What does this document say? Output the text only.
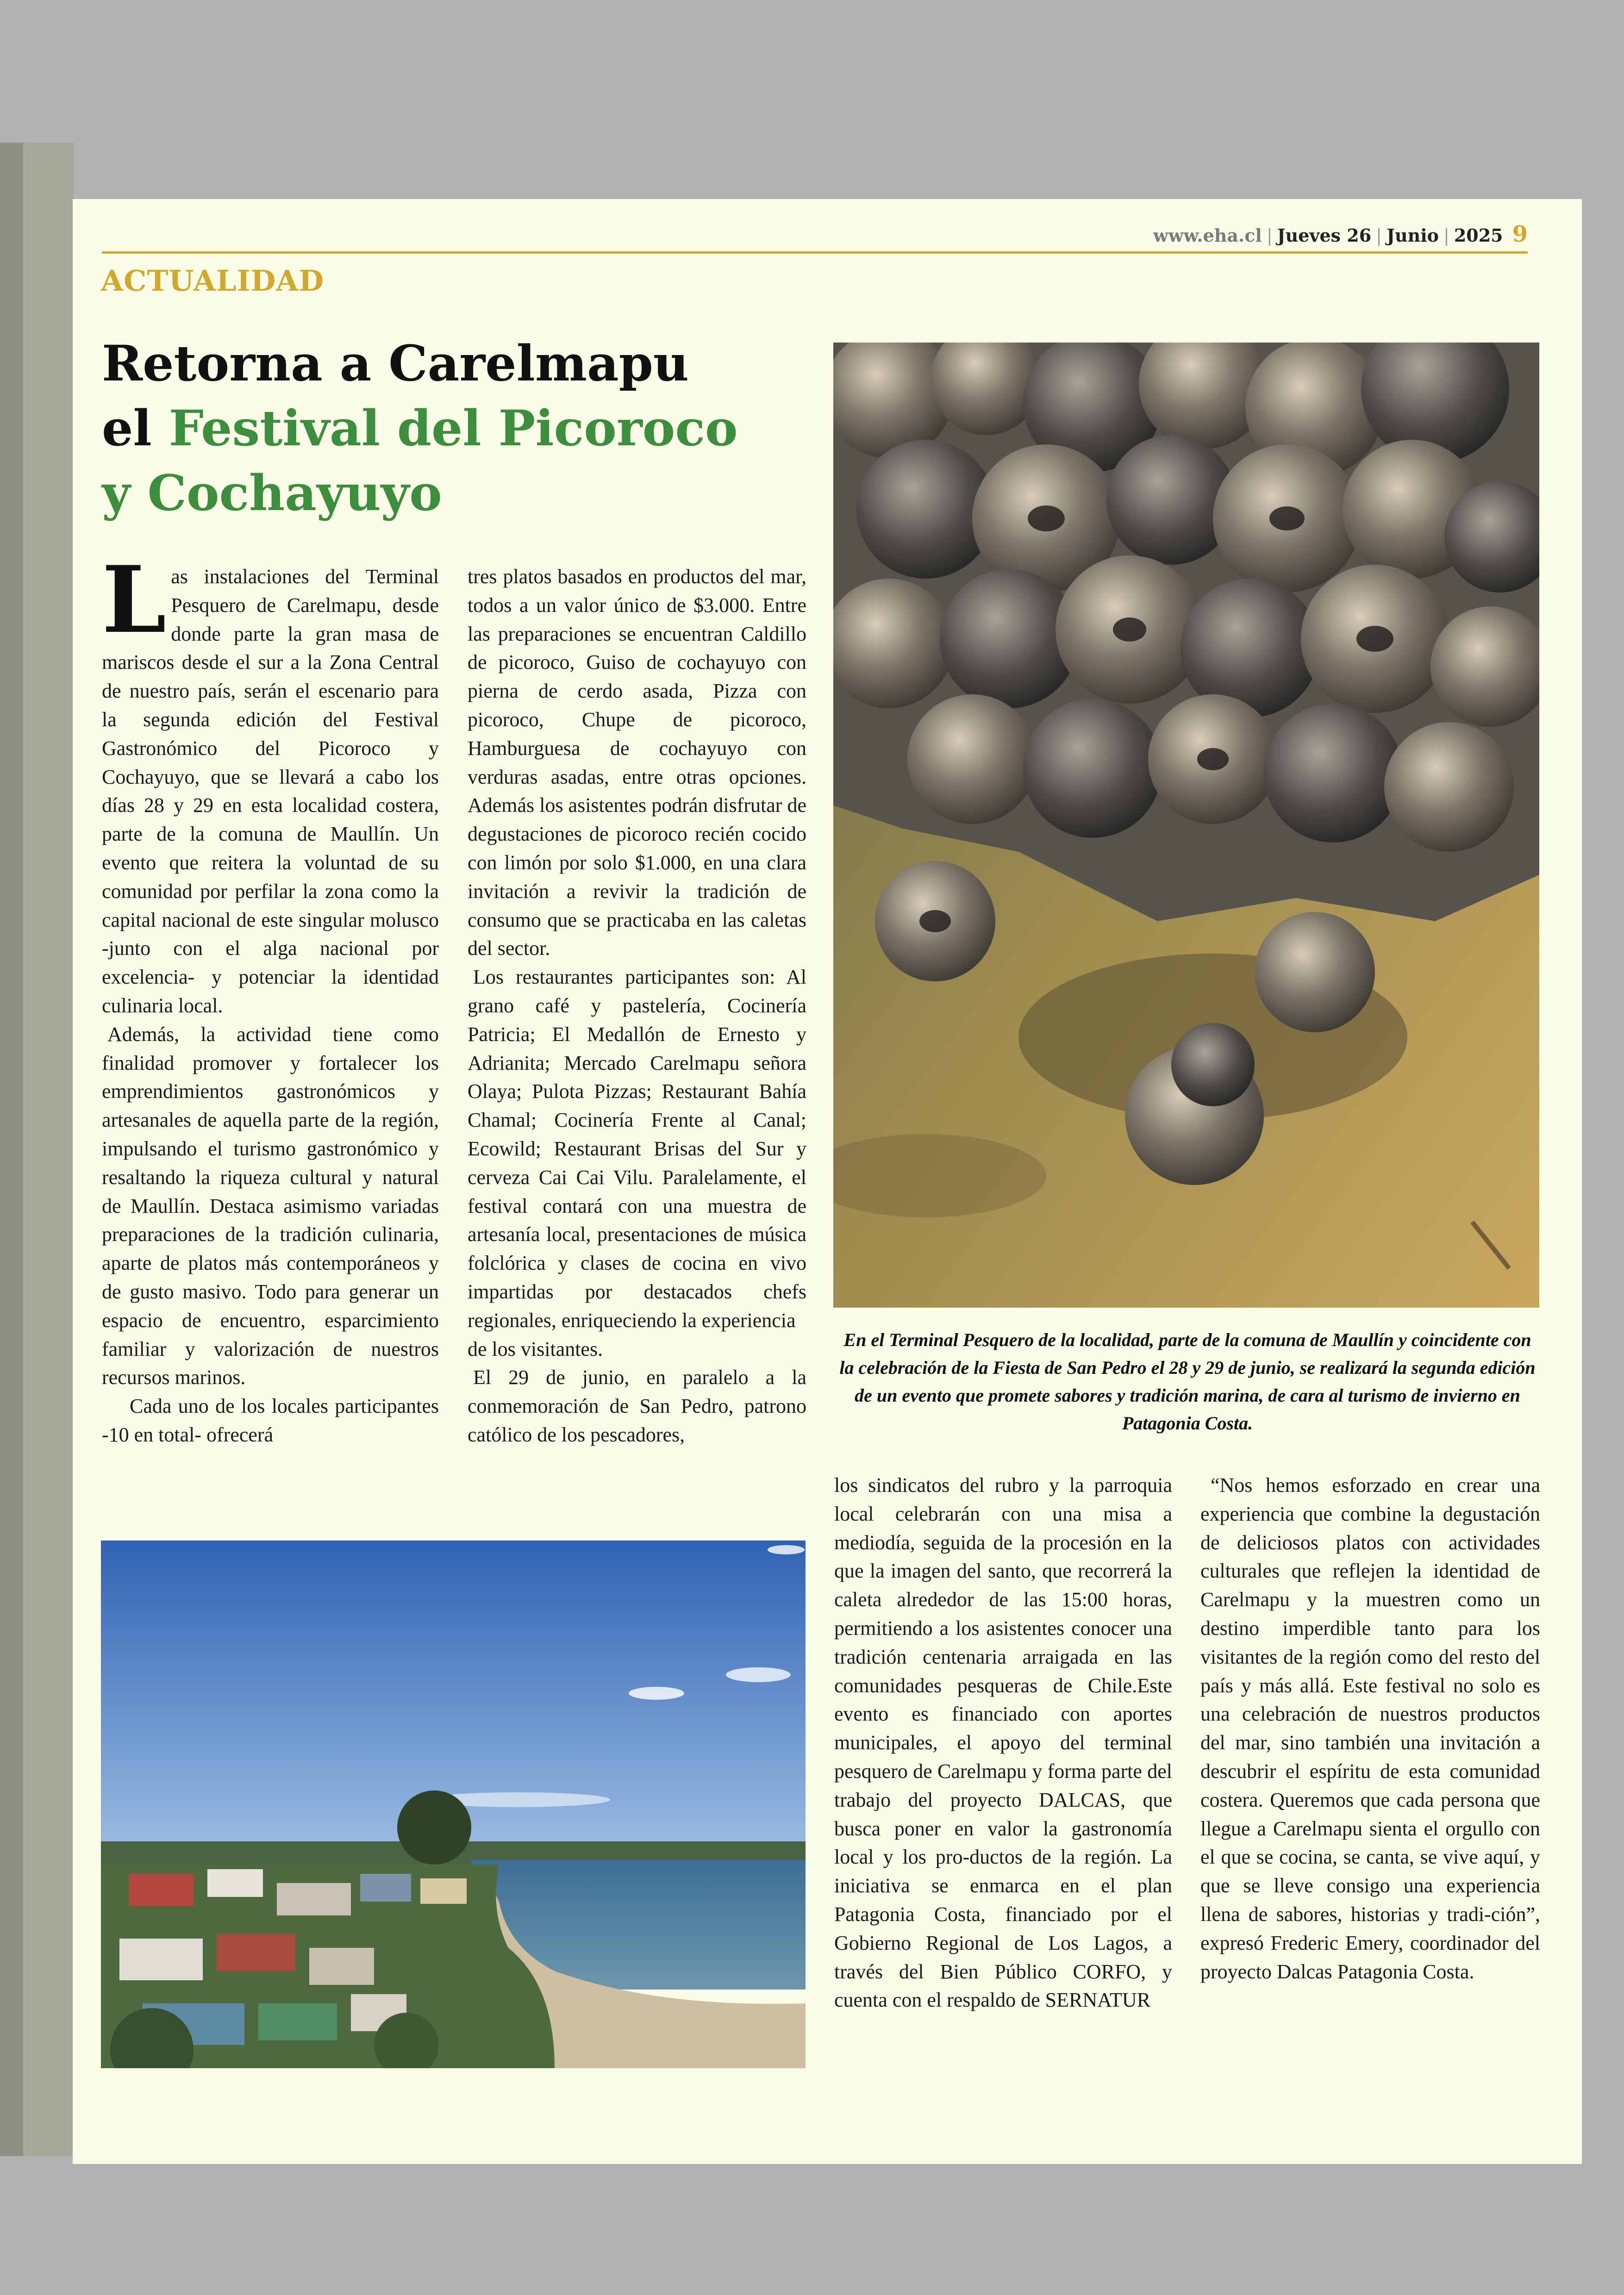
www.eha.cl | Jueves 26 | Junio | 2025 9
ACTUALIDAD
Retorna a Carelmapu
el Festival del Picoroco
y Cochayuyo

Las instalaciones del Terminal Pesquero de Carelmapu, desde donde parte la gran masa de mariscos desde el sur a la Zona Central de nuestro país, serán el escenario para la segunda edición del Festival Gastronómico del Picoroco y Cochayuyo, que se llevará a cabo los días 28 y 29 en esta localidad costera, parte de la comuna de Maullín. Un evento que reitera la voluntad de su comunidad por perfilar la zona como la capital nacional de este singular molusco -junto con el alga nacional por excelencia- y potenciar la identidad culinaria local.

Además, la actividad tiene como finalidad promover y fortalecer los emprendimientos gastronómicos y artesanales de aquella parte de la región, impulsando el turismo gastronómico y resaltando la riqueza cultural y natural de Maullín. Destaca asimismo variadas preparaciones de la tradición culinaria, aparte de platos más contemporáneos y de gusto masivo. Todo para generar un espacio de encuentro, esparcimiento familiar y valorización de nuestros recursos marinos.

Cada uno de los locales participantes -10 en total- ofrecerá

tres platos basados en productos del mar, todos a un valor único de $3.000. Entre las preparaciones se encuentran Caldillo de picoroco, Guiso de cochayuyo con pierna de cerdo asada, Pizza con picoroco, Chupe de picoroco, Hamburguesa de cochayuyo con verduras asadas, entre otras opciones. Además los asistentes podrán disfrutar de degustaciones de picoroco recién cocido con limón por solo $1.000, en una clara invitación a revivir la tradición de consumo que se practicaba en las caletas del sector.

Los restaurantes participantes son: Al grano café y pastelería, Cocinería Patricia; El Medallón de Ernesto y Adrianita; Mercado Carelmapu señora Olaya; Pulota Pizzas; Restaurant Bahía Chamal; Cocinería Frente al Canal; Ecowild; Restaurant Brisas del Sur y cerveza Cai Cai Vilu. Paralelamente, el festival contará con una muestra de artesanía local, presentaciones de música folclórica y clases de cocina en vivo impartidas por destacados chefs regionales, enriqueciendo la experiencia
de los visitantes.

El 29 de junio, en paralelo a la conmemoración de San Pedro, patrono católico de los pescadores,

En el Terminal Pesquero de la localidad, parte de la comuna de Maullín y coincidente con la celebración de la Fiesta de San Pedro el 28 y 29 de junio, se realizará la segunda edición de un evento que promete sabores y tradición marina, de cara al turismo de invierno en Patagonia Costa.

los sindicatos del rubro y la parroquia local celebrarán con una misa a mediodía, seguida de la procesión en la que la imagen del santo, que recorrerá la caleta alrededor de las 15:00 horas, permitiendo a los asistentes conocer una tradición centenaria arraigada en las comunidades pesqueras de Chile.Este evento es financiado con aportes municipales, el apoyo del terminal pesquero de Carelmapu y forma parte del trabajo del proyecto DALCAS, que busca poner en valor la gastronomía local y los pro-ductos de la región. La iniciativa se enmarca en el plan Patagonia Costa, financiado por el Gobierno Regional de Los Lagos, a través del Bien Público CORFO, y cuenta con el respaldo de SERNATUR

“Nos hemos esforzado en crear una experiencia que combine la degustación de deliciosos platos con actividades culturales que reflejen la identidad de Carelmapu y la muestren como un destino imperdible tanto para los visitantes de la región como del resto del país y más allá. Este festival no solo es una celebración de nuestros productos del mar, sino también una invitación a descubrir el espíritu de esta comunidad costera. Queremos que cada persona que llegue a Carelmapu sienta el orgullo con el que se cocina, se canta, se vive aquí, y que se lleve consigo una experiencia llena de sabores, historias y tradi-ción”, expresó Frederic Emery, coordinador del proyecto Dalcas Patagonia Costa.
